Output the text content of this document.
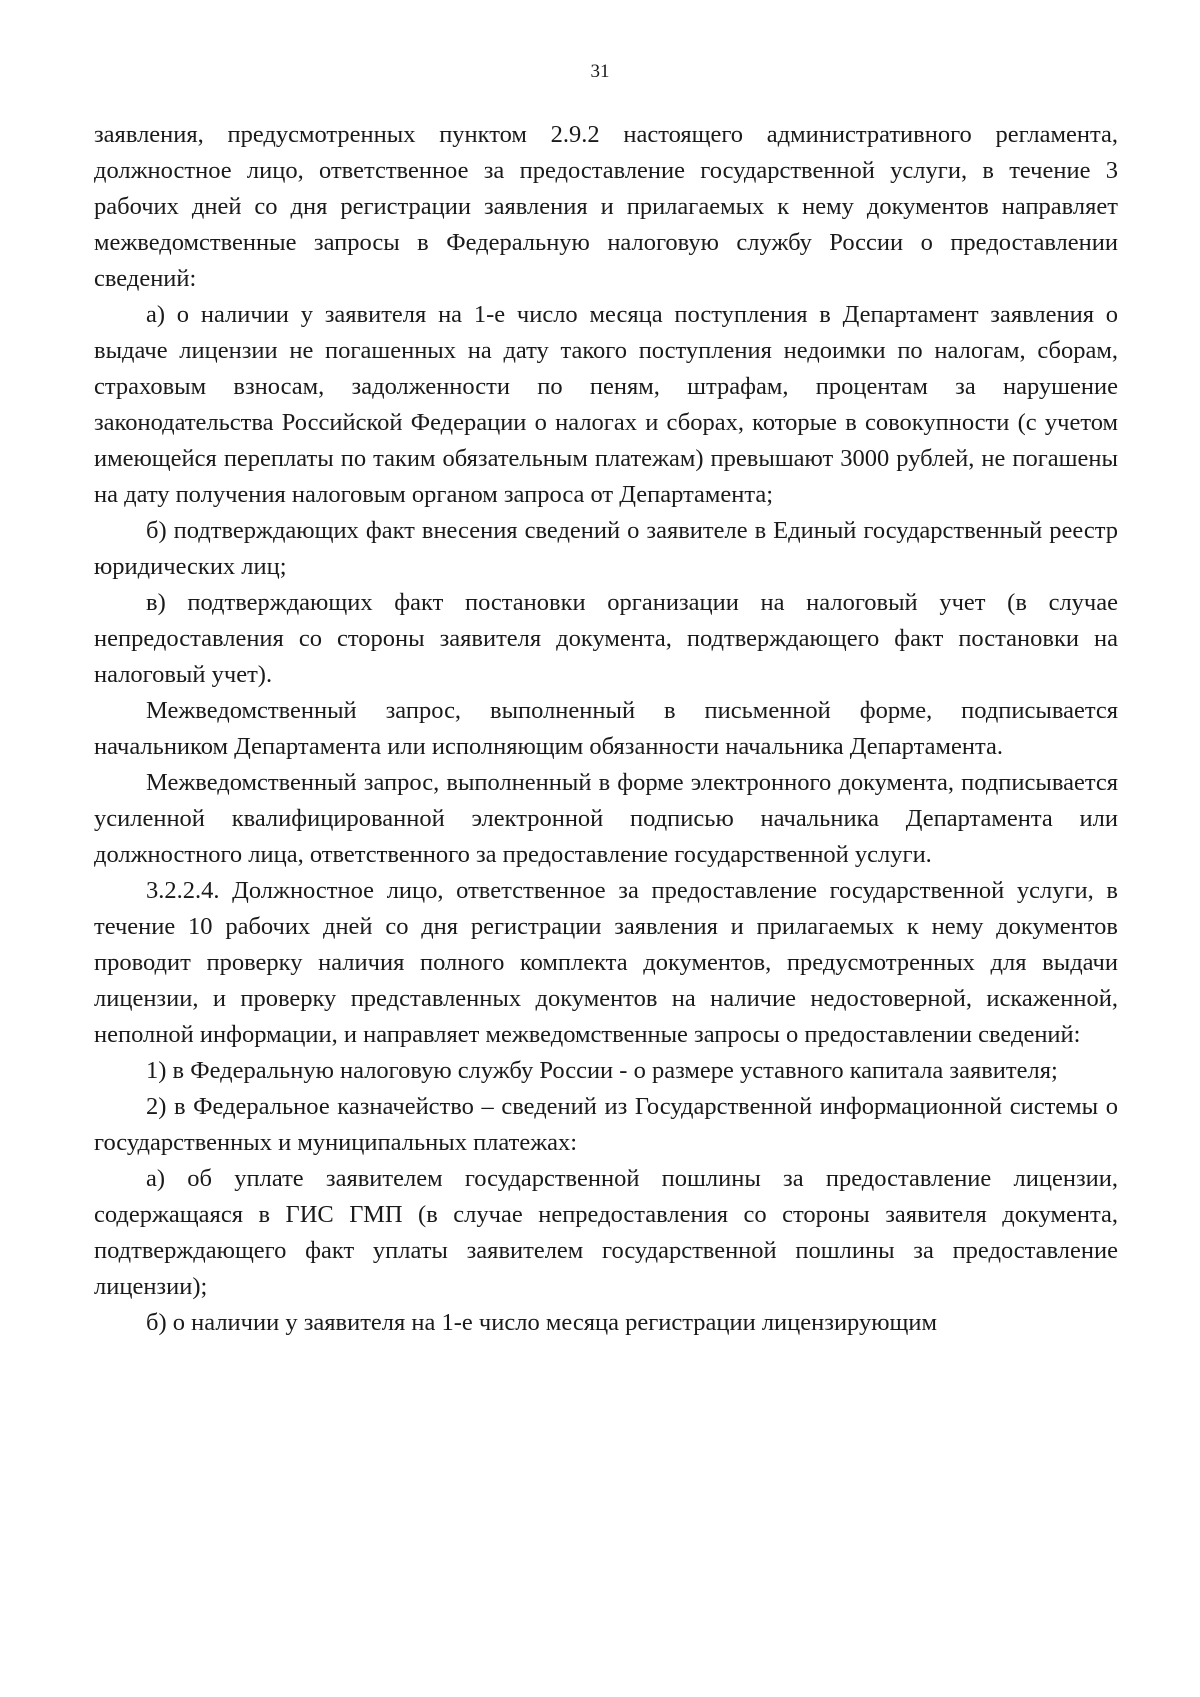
31

заявления, предусмотренных пунктом 2.9.2 настоящего административного регламента, должностное лицо, ответственное за предоставление государственной услуги, в течение 3 рабочих дней со дня регистрации заявления и прилагаемых к нему документов направляет межведомственные запросы в Федеральную налоговую службу России о предоставлении сведений:

а) о наличии у заявителя на 1-е число месяца поступления в Департамент заявления о выдаче лицензии не погашенных на дату такого поступления недоимки по налогам, сборам, страховым взносам, задолженности по пеням, штрафам, процентам за нарушение законодательства Российской Федерации о налогах и сборах, которые в совокупности (с учетом имеющейся переплаты по таким обязательным платежам) превышают 3000 рублей, не погашены на дату получения налоговым органом запроса от Департамента;

б) подтверждающих факт внесения сведений о заявителе в Единый государственный реестр юридических лиц;

в) подтверждающих факт постановки организации на налоговый учет (в случае непредоставления со стороны заявителя документа, подтверждающего факт постановки на налоговый учет).

Межведомственный запрос, выполненный в письменной форме, подписывается начальником Департамента или исполняющим обязанности начальника Департамента.

Межведомственный запрос, выполненный в форме электронного документа, подписывается усиленной квалифицированной электронной подписью начальника Департамента или должностного лица, ответственного за предоставление государственной услуги.

3.2.2.4. Должностное лицо, ответственное за предоставление государственной услуги, в течение 10 рабочих дней со дня регистрации заявления и прилагаемых к нему документов проводит проверку наличия полного комплекта документов, предусмотренных для выдачи лицензии, и проверку представленных документов на наличие недостоверной, искаженной, неполной информации, и направляет межведомственные запросы о предоставлении сведений:

1) в Федеральную налоговую службу России - о размере уставного капитала заявителя;

2) в Федеральное казначейство – сведений из Государственной информационной системы о государственных и муниципальных платежах:

а) об уплате заявителем государственной пошлины за предоставление лицензии, содержащаяся в ГИС ГМП (в случае непредоставления со стороны заявителя документа, подтверждающего факт уплаты заявителем государственной пошлины за предоставление лицензии);

б) о наличии у заявителя на 1-е число месяца регистрации лицензирующим
